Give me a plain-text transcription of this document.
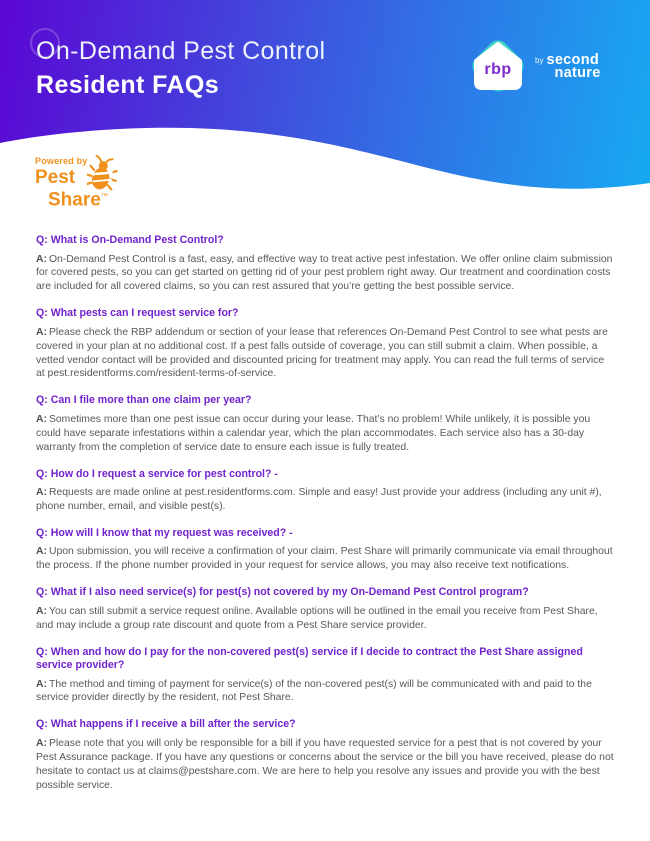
On-Demand Pest Control
Resident FAQs
rbp
by second
nature
Powered by
Pest
Share™

Q: What is On-Demand Pest Control?

A: On-Demand Pest Control is a fast, easy, and effective way to treat active pest infestation. We offer online claim submission for covered pests, so you can get started on getting rid of your pest problem right away. Our treatment and coordination costs are included for all covered claims, so you can rest assured that you’re getting the best possible service.

Q: What pests can I request service for?

A: Please check the RBP addendum or section of your lease that references On-Demand Pest Control to see what pests are covered in your plan at no additional cost. If a pest falls outside of coverage, you can still submit a claim. When possible, a vetted vendor contact will be provided and discounted pricing for treatment may apply. You can read the full terms of service at pest.residentforms.com/resident-terms-of-service.

Q: Can I file more than one claim per year?

A: Sometimes more than one pest issue can occur during your lease. That’s no problem! While unlikely, it is possible you could have separate infestations within a calendar year, which the plan accommodates. Each service also has a 30-day warranty from the completion of service date to ensure each issue is fully treated.

Q: How do I request a service for pest control? -

A: Requests are made online at pest.residentforms.com. Simple and easy! Just provide your address (including any unit #), phone number, email, and visible pest(s).

Q: How will I know that my request was received? -

A: Upon submission, you will receive a confirmation of your claim. Pest Share will primarily communicate via email throughout the process. If the phone number provided in your request for service allows, you may also receive text notifications.

Q: What if I also need service(s) for pest(s) not covered by my On-Demand Pest Control program?

A: You can still submit a service request online. Available options will be outlined in the email you receive from Pest Share, and may include a group rate discount and quote from a Pest Share service provider.

Q: When and how do I pay for the non-covered pest(s) service if I decide to contract the Pest Share assigned service provider?

A: The method and timing of payment for service(s) of the non-covered pest(s) will be communicated with and paid to the service provider directly by the resident, not Pest Share.

Q: What happens if I receive a bill after the service?

A: Please note that you will only be responsible for a bill if you have requested service for a pest that is not covered by your Pest Assurance package. If you have any questions or concerns about the service or the bill you have received, please do not hesitate to contact us at claims@pestshare.com. We are here to help you resolve any issues and provide you with the best possible service.
